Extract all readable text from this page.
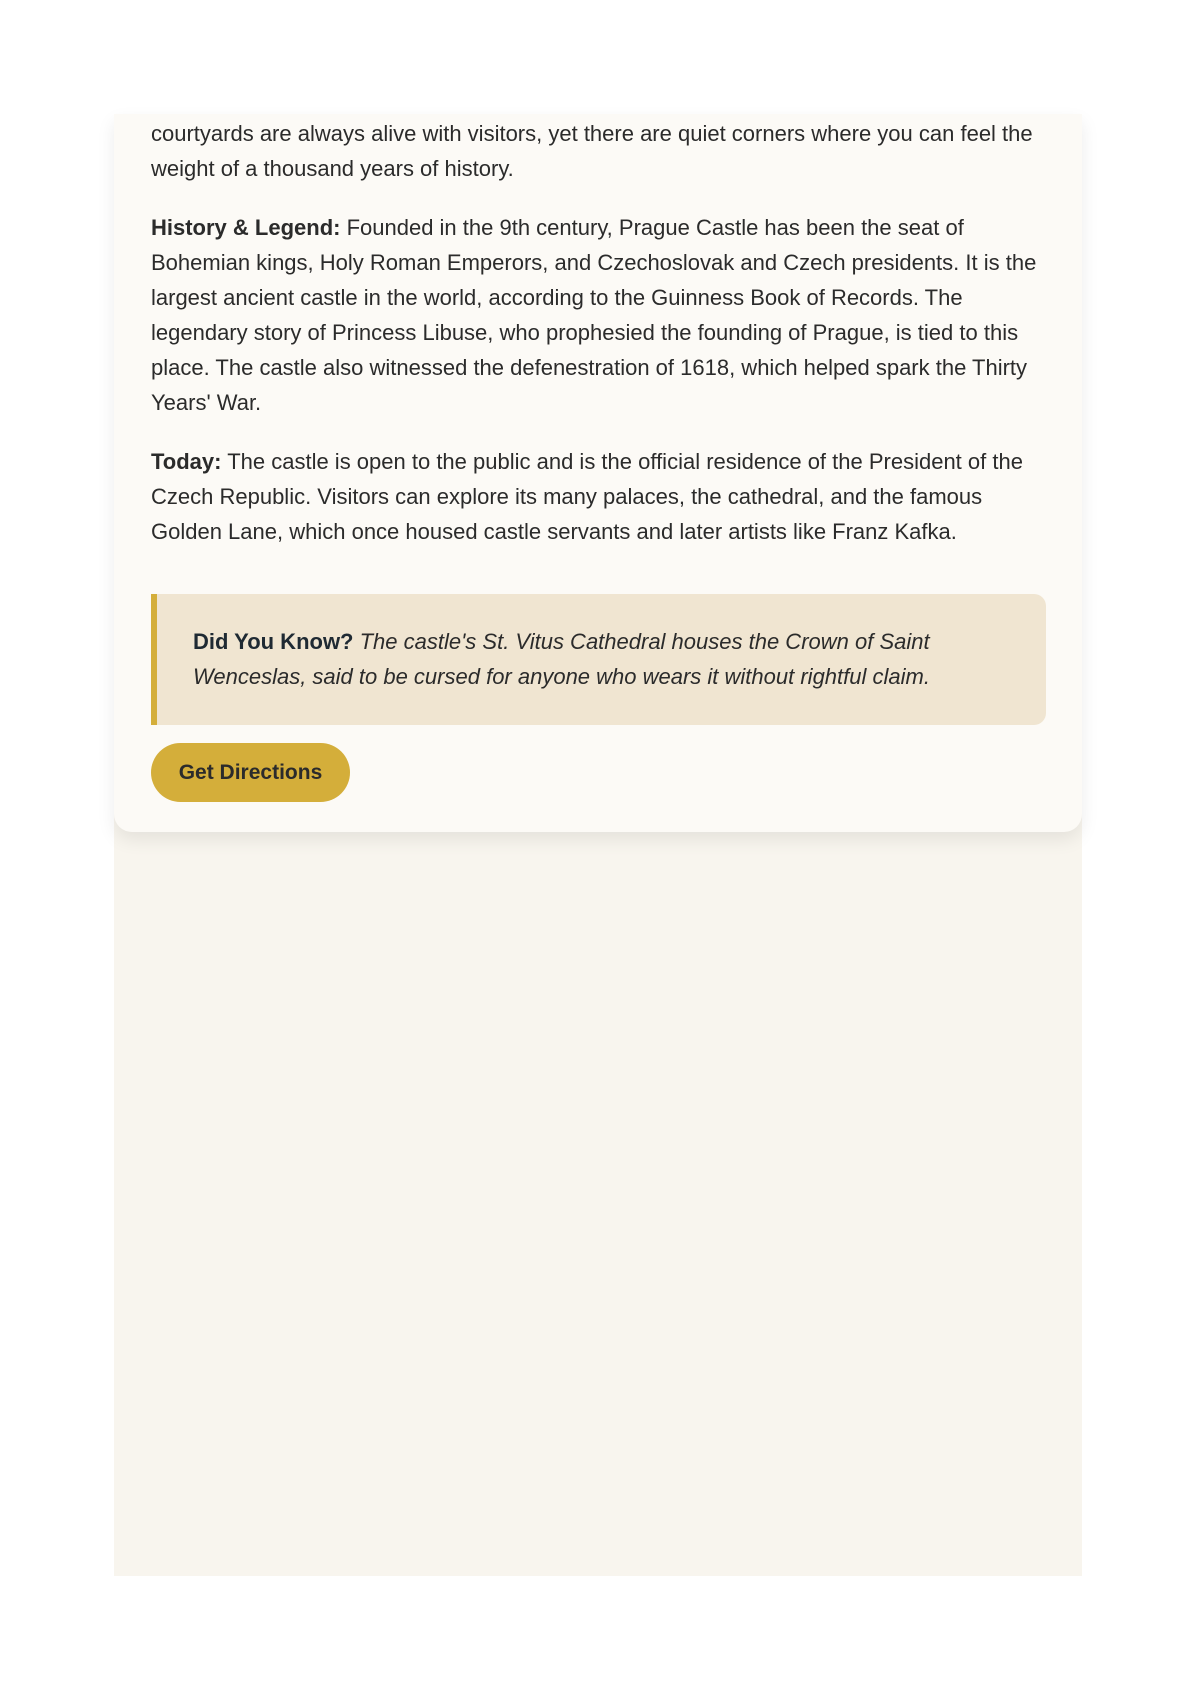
courtyards are always alive with visitors, yet there are quiet corners where you can feel the weight of a thousand years of history.

History & Legend: Founded in the 9th century, Prague Castle has been the seat of Bohemian kings, Holy Roman Emperors, and Czechoslovak and Czech presidents. It is the largest ancient castle in the world, according to the Guinness Book of Records. The legendary story of Princess Libuse, who prophesied the founding of Prague, is tied to this place. The castle also witnessed the defenestration of 1618, which helped spark the Thirty Years' War.

Today: The castle is open to the public and is the official residence of the President of the Czech Republic. Visitors can explore its many palaces, the cathedral, and the famous Golden Lane, which once housed castle servants and later artists like Franz Kafka.

Did You Know? The castle's St. Vitus Cathedral houses the Crown of Saint Wenceslas, said to be cursed for anyone who wears it without rightful claim.

Get Directions
